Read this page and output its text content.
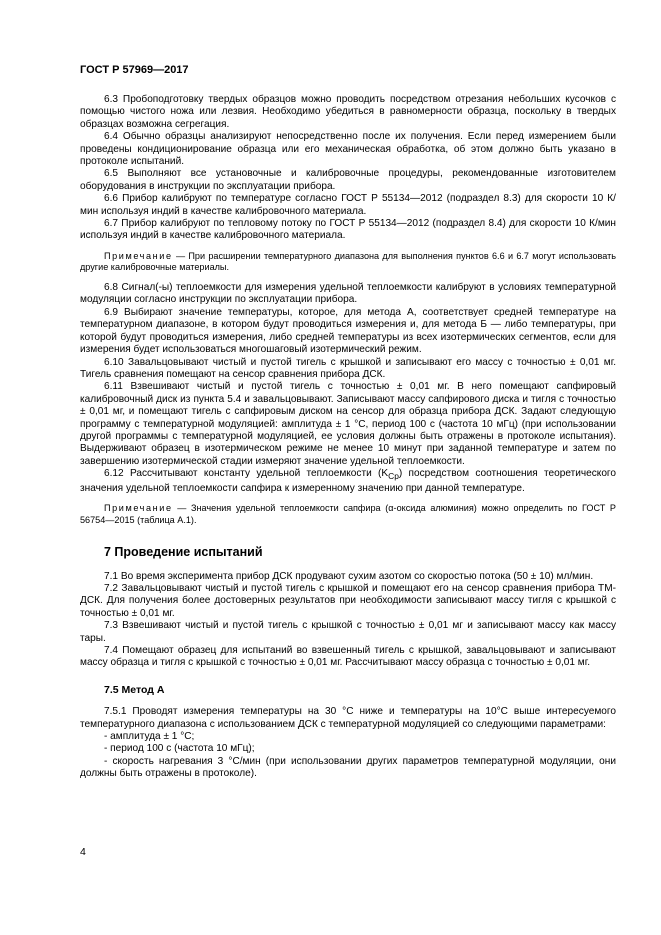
ГОСТ Р 57969—2017

6.3 Пробоподготовку твердых образцов можно проводить посредством отрезания небольших кусочков с помощью чистого ножа или лезвия. Необходимо убедиться в равномерности образца, поскольку в твердых образцах возможна сегрегация.

6.4 Обычно образцы анализируют непосредственно после их получения. Если перед измерением были проведены кондиционирование образца или его механическая обработка, об этом должно быть указано в протоколе испытаний.

6.5 Выполняют все установочные и калибровочные процедуры, рекомендованные изготовителем оборудования в инструкции по эксплуатации прибора.

6.6 Прибор калибруют по температуре согласно ГОСТ Р 55134—2012 (подраздел 8.3) для скорости 10 К/мин используя индий в качестве калибровочного материала.

6.7 Прибор калибруют по тепловому потоку по ГОСТ Р 55134—2012 (подраздел 8.4) для скорости 10 К/мин используя индий в качестве калибровочного материала.

Примечание — При расширении температурного диапазона для выполнения пунктов 6.6 и 6.7 могут использовать другие калибровочные материалы.

6.8 Сигнал(-ы) теплоемкости для измерения удельной теплоемкости калибруют в условиях температурной модуляции согласно инструкции по эксплуатации прибора.

6.9 Выбирают значение температуры, которое, для метода А, соответствует средней температуре на температурном диапазоне, в котором будут проводиться измерения и, для метода Б — либо температуры, при которой будут проводиться измерения, либо средней температуры из всех изотермических сегментов, если для измерения будет использоваться многошаговый изотермический режим.

6.10 Завальцовывают чистый и пустой тигель с крышкой и записывают его массу с точностью ± 0,01 мг. Тигель сравнения помещают на сенсор сравнения прибора ДСК.

6.11 Взвешивают чистый и пустой тигель с точностью ± 0,01 мг. В него помещают сапфировый калибровочный диск из пункта 5.4 и завальцовывают. Записывают массу сапфирового диска и тигля с точностью ± 0,01 мг, и помещают тигель с сапфировым диском на сенсор для образца прибора ДСК. Задают следующую программу с температурной модуляцией: амплитуда ± 1 °С, период 100 с (частота 10 мГц) (при использовании другой программы с температурной модуляцией, ее условия должны быть отражены в протоколе испытания). Выдерживают образец в изотермическом режиме не менее 10 минут при заданной температуре и затем по завершению изотермической стадии измеряют значение удельной теплоемкости.

6.12 Рассчитывают константу удельной теплоемкости $(K_{Cp})$ посредством соотношения теоретического значения удельной теплоемкости сапфира к измеренному значению при данной температуре.

Примечание — Значения удельной теплоемкости сапфира (α-оксида алюминия) можно определить по ГОСТ Р 56754—2015 (таблица А.1).

7 Проведение испытаний

7.1 Во время эксперимента прибор ДСК продувают сухим азотом со скоростью потока (50 ± 10) мл/мин.

7.2 Завальцовывают чистый и пустой тигель с крышкой и помещают его на сенсор сравнения прибора ТМ-ДСК. Для получения более достоверных результатов при необходимости записывают массу тигля с крышкой с точностью ± 0,01 мг.

7.3 Взвешивают чистый и пустой тигель с крышкой с точностью ± 0,01 мг и записывают массу как массу тары.

7.4 Помещают образец для испытаний во взвешенный тигель с крышкой, завальцовывают и записывают массу образца и тигля с крышкой с точностью ± 0,01 мг. Рассчитывают массу образца с точностью ± 0,01 мг.

7.5 Метод А

7.5.1 Проводят измерения температуры на 30 °С ниже и температуры на 10°С выше интересуемого температурного диапазона с использованием ДСК с температурной модуляцией со следующими параметрами:

- амплитуда ± 1 °С;

- период 100 с (частота 10 мГц);

- скорость нагревания 3 °С/мин (при использовании других параметров температурной модуляции, они должны быть отражены в протоколе).

4
